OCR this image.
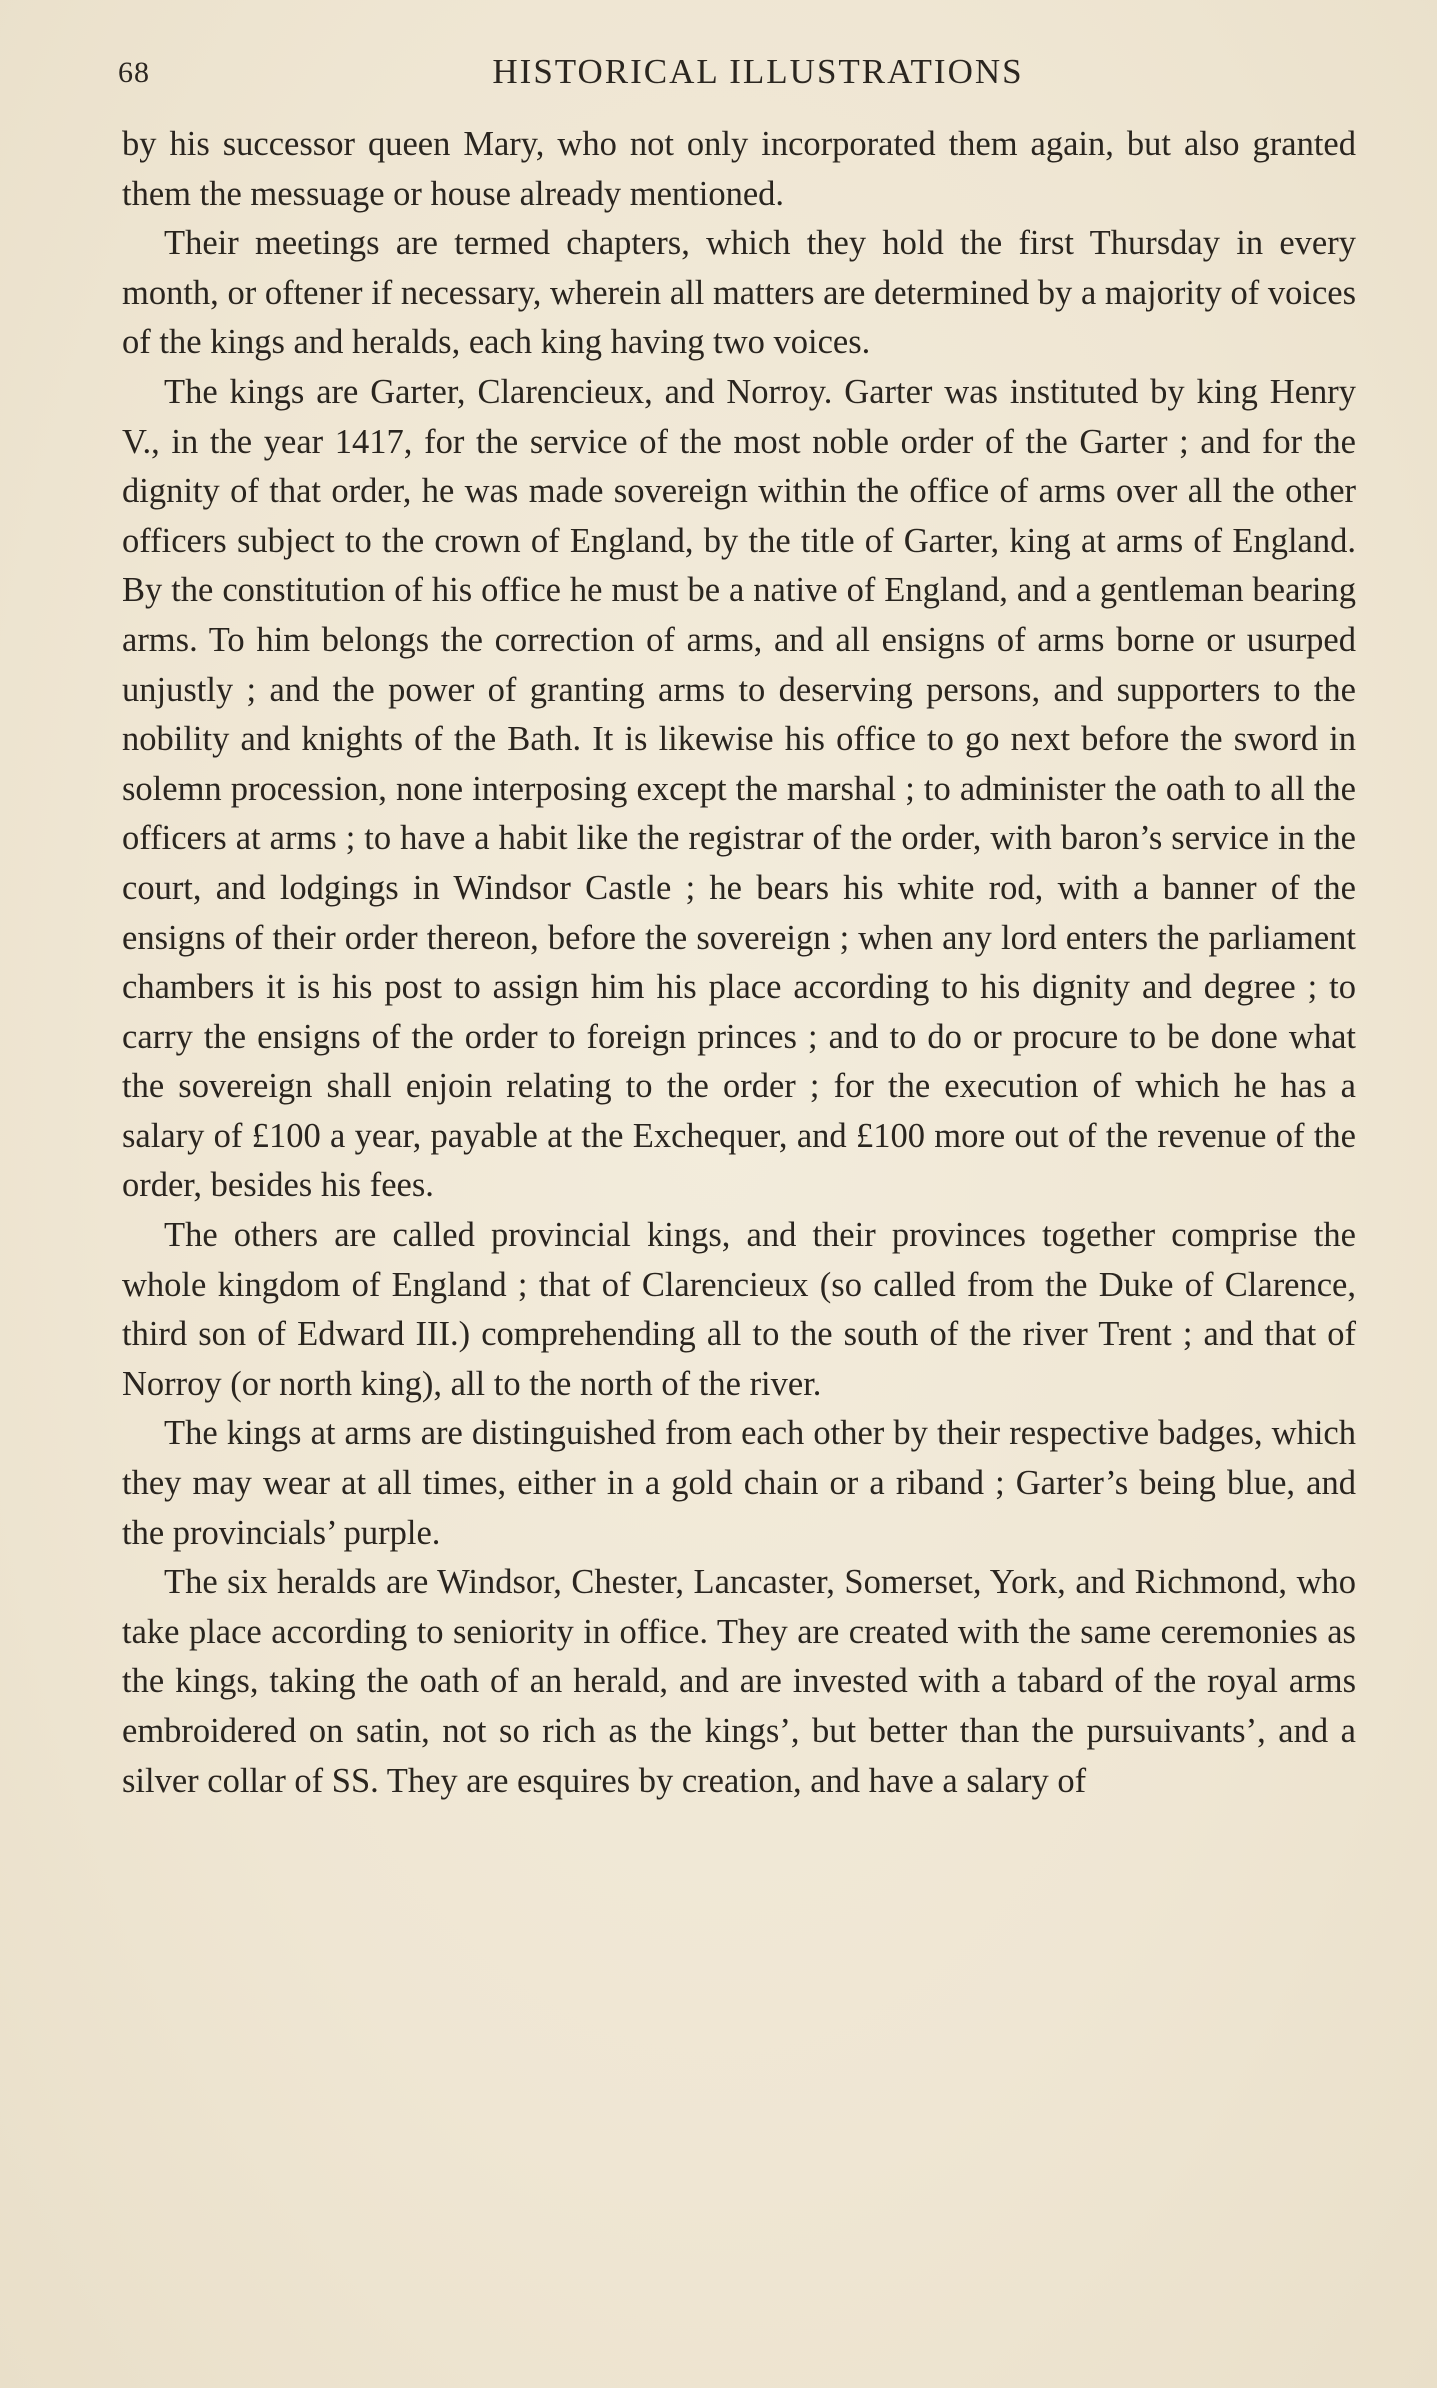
68	HISTORICAL ILLUSTRATIONS

by his successor queen Mary, who not only incorporated them again, but also granted them the messuage or house already mentioned.

Their meetings are termed chapters, which they hold the first Thursday in every month, or oftener if necessary, wherein all matters are determined by a majority of voices of the kings and heralds, each king having two voices.

The kings are Garter, Clarencieux, and Norroy. Garter was instituted by king Henry V., in the year 1417, for the service of the most noble order of the Garter ; and for the dignity of that order, he was made sovereign within the office of arms over all the other officers subject to the crown of England, by the title of Garter, king at arms of England. By the constitution of his office he must be a native of England, and a gentleman bearing arms. To him belongs the correction of arms, and all ensigns of arms borne or usurped unjustly ; and the power of granting arms to deserving persons, and supporters to the nobility and knights of the Bath. It is likewise his office to go next before the sword in solemn procession, none interposing except the marshal ; to administer the oath to all the officers at arms ; to have a habit like the registrar of the order, with baron’s service in the court, and lodgings in Windsor Castle ; he bears his white rod, with a banner of the ensigns of their order thereon, before the sovereign ; when any lord enters the parliament chambers it is his post to assign him his place according to his dignity and degree ; to carry the ensigns of the order to foreign princes ; and to do or procure to be done what the sovereign shall enjoin relating to the order ; for the execution of which he has a salary of £100 a year, payable at the Exchequer, and £100 more out of the revenue of the order, besides his fees.

The others are called provincial kings, and their provinces together comprise the whole kingdom of England ; that of Clarencieux (so called from the Duke of Clarence, third son of Edward III.) comprehending all to the south of the river Trent ; and that of Norroy (or north king), all to the north of the river.

The kings at arms are distinguished from each other by their respective badges, which they may wear at all times, either in a gold chain or a riband ; Garter’s being blue, and the provincials’ purple.

The six heralds are Windsor, Chester, Lancaster, Somerset, York, and Richmond, who take place according to seniority in office. They are created with the same ceremonies as the kings, taking the oath of an herald, and are invested with a tabard of the royal arms embroidered on satin, not so rich as the kings’, but better than the pursuivants’, and a silver collar of SS. They are esquires by creation, and have a salary of
